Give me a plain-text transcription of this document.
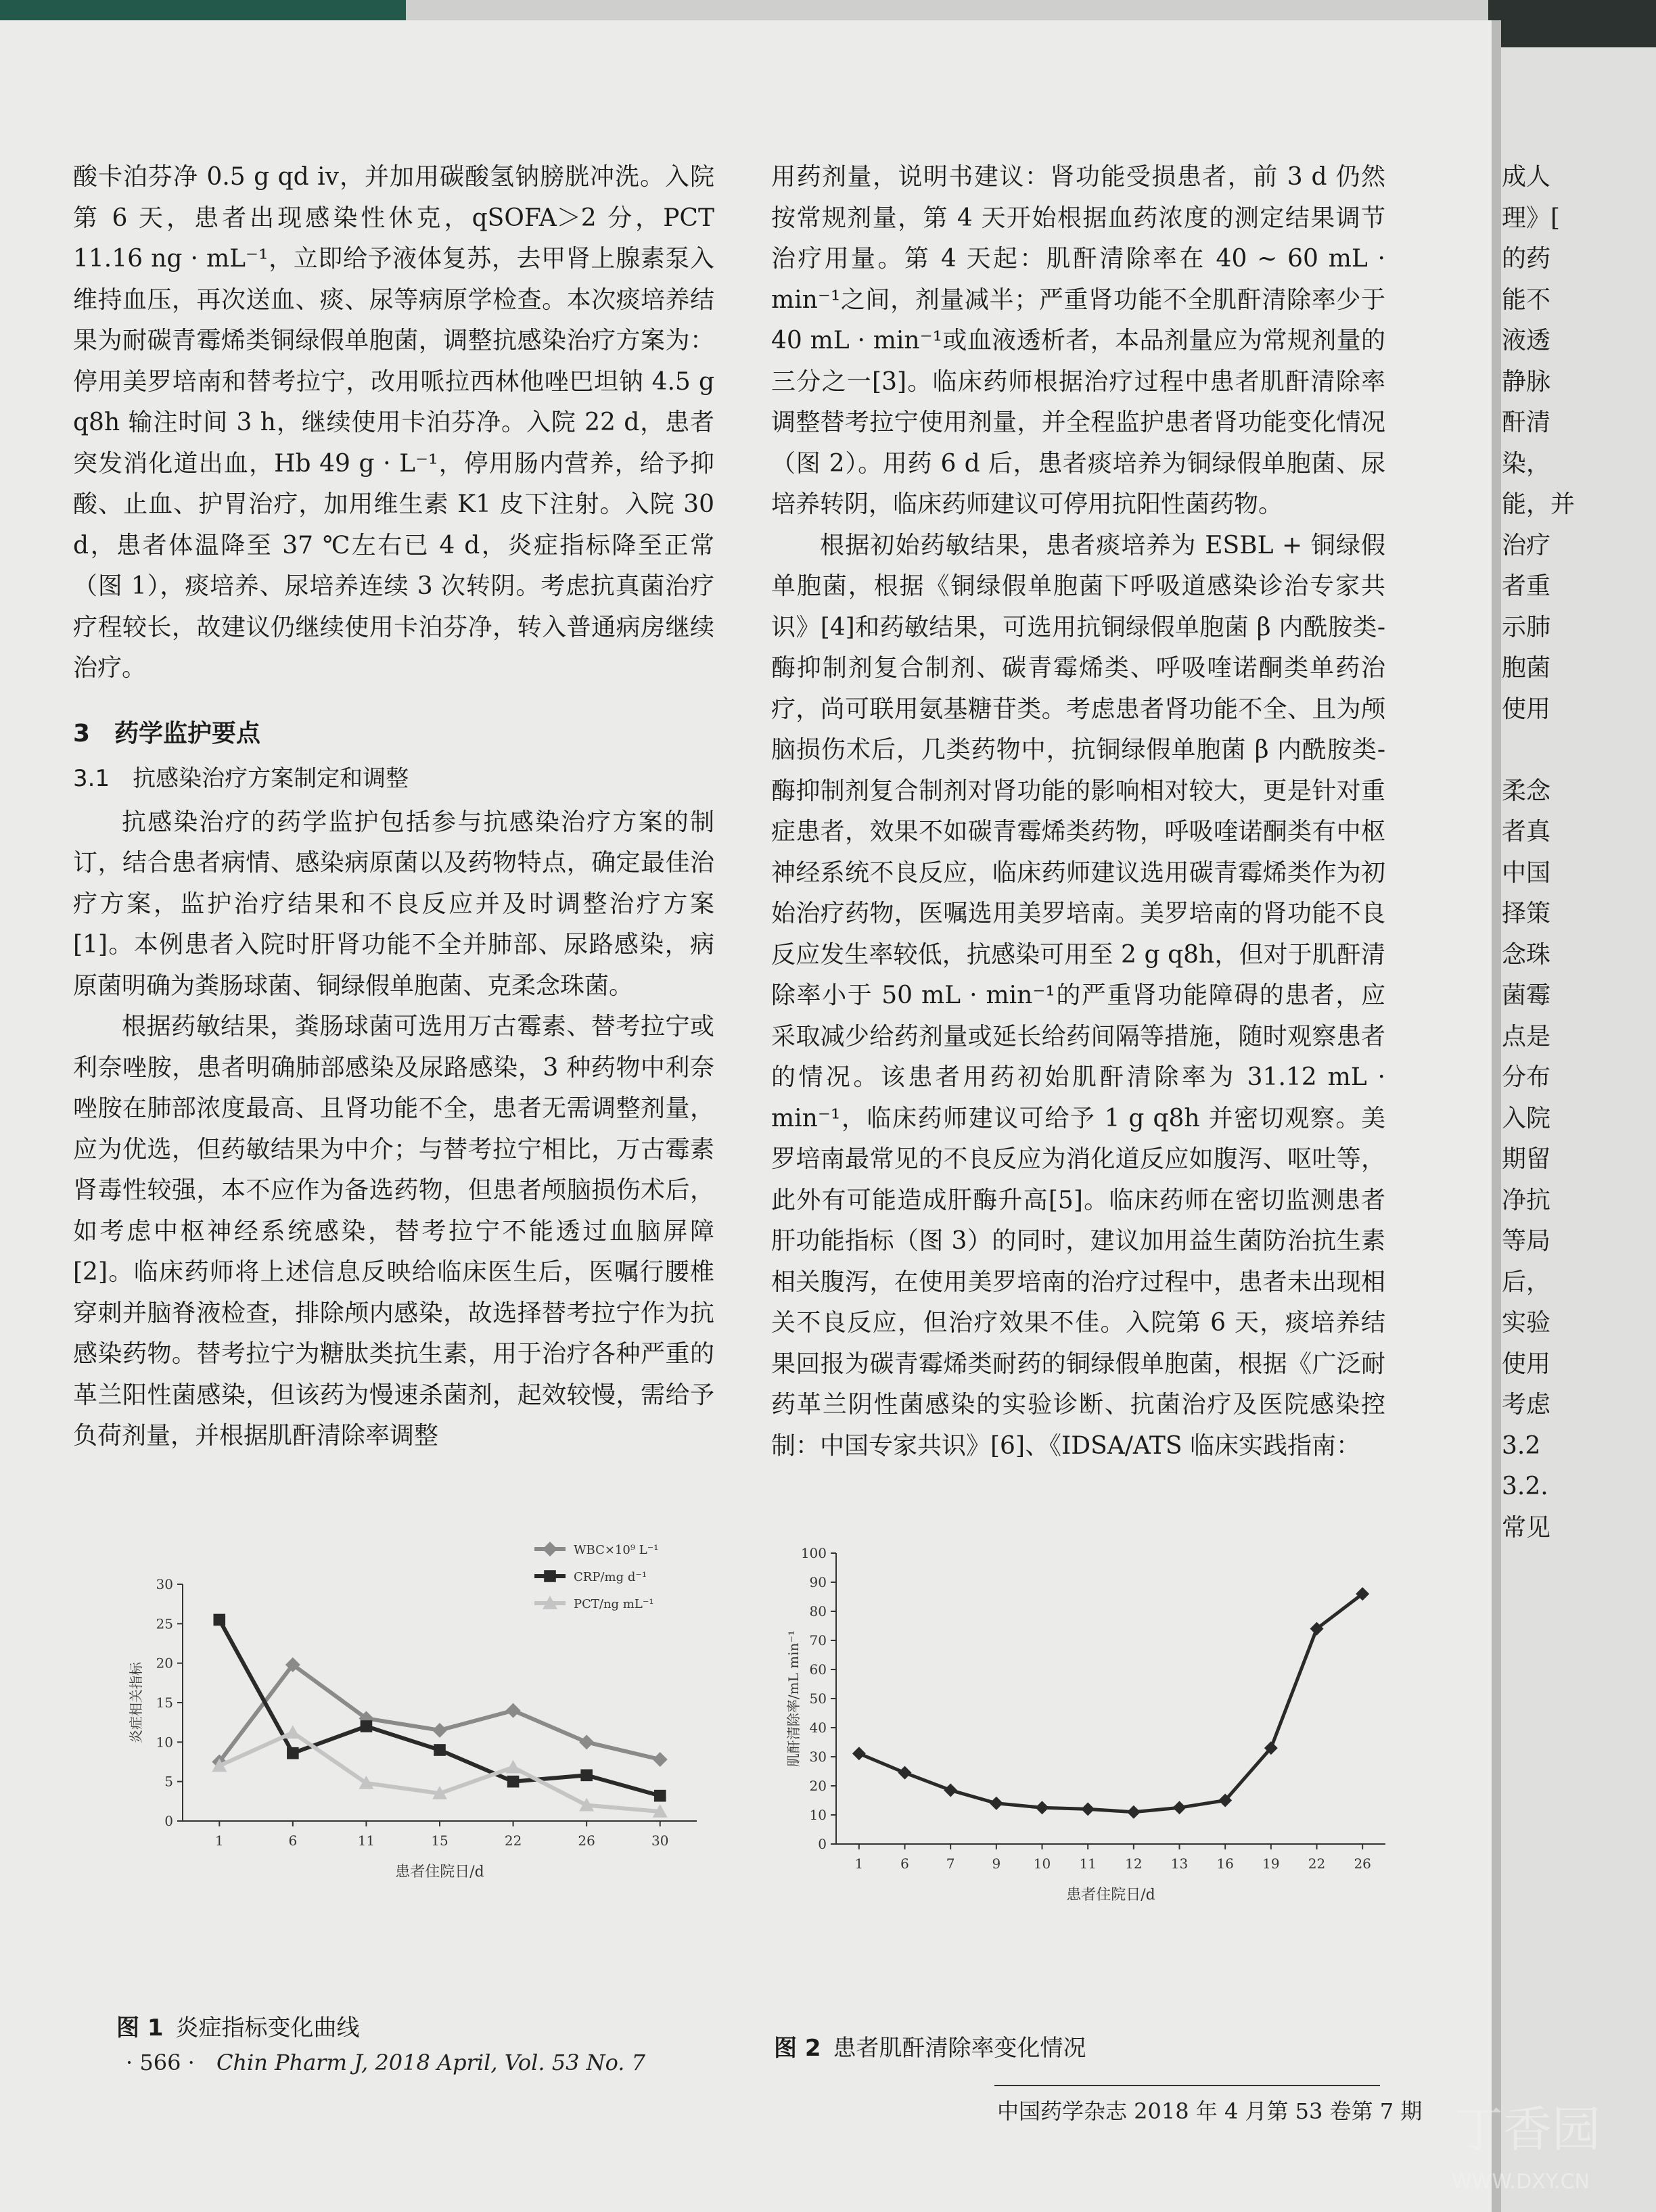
酸卡泊芬净 0.5 g qd iv，并加用碳酸氢钠膀胱冲洗。入院第 6 天，患者出现感染性休克，qSOFA＞2 分，PCT 11.16 ng · mL⁻¹，立即给予液体复苏，去甲肾上腺素泵入维持血压，再次送血、痰、尿等病原学检查。本次痰培养结果为耐碳青霉烯类铜绿假单胞菌，调整抗感染治疗方案为：停用美罗培南和替考拉宁，改用哌拉西林他唑巴坦钠 4.5 g q8h 输注时间 3 h，继续使用卡泊芬净。入院 22 d，患者突发消化道出血，Hb 49 g · L⁻¹，停用肠内营养，给予抑酸、止血、护胃治疗，加用维生素 K1 皮下注射。入院 30 d，患者体温降至 37 ℃左右已 4 d，炎症指标降至正常（图 1），痰培养、尿培养连续 3 次转阴。考虑抗真菌治疗疗程较长，故建议仍继续使用卡泊芬净，转入普通病房继续治疗。

3　药学监护要点

3.1　抗感染治疗方案制定和调整

抗感染治疗的药学监护包括参与抗感染治疗方案的制订，结合患者病情、感染病原菌以及药物特点，确定最佳治疗方案，监护治疗结果和不良反应并及时调整治疗方案[1]。本例患者入院时肝肾功能不全并肺部、尿路感染，病原菌明确为粪肠球菌、铜绿假单胞菌、克柔念珠菌。

根据药敏结果，粪肠球菌可选用万古霉素、替考拉宁或利奈唑胺，患者明确肺部感染及尿路感染，3 种药物中利奈唑胺在肺部浓度最高、且肾功能不全，患者无需调整剂量，应为优选，但药敏结果为中介；与替考拉宁相比，万古霉素肾毒性较强，本不应作为备选药物，但患者颅脑损伤术后，如考虑中枢神经系统感染，替考拉宁不能透过血脑屏障[2]。临床药师将上述信息反映给临床医生后，医嘱行腰椎穿刺并脑脊液检查，排除颅内感染，故选择替考拉宁作为抗感染药物。替考拉宁为糖肽类抗生素，用于治疗各种严重的革兰阳性菌感染，但该药为慢速杀菌剂，起效较慢，需给予负荷剂量，并根据肌酐清除率调整

用药剂量，说明书建议：肾功能受损患者，前 3 d 仍然按常规剂量，第 4 天开始根据血药浓度的测定结果调节治疗用量。第 4 天起：肌酐清除率在 40 ~ 60 mL · min⁻¹之间，剂量减半；严重肾功能不全肌酐清除率少于 40 mL · min⁻¹或血液透析者，本品剂量应为常规剂量的三分之一[3]。临床药师根据治疗过程中患者肌酐清除率调整替考拉宁使用剂量，并全程监护患者肾功能变化情况（图 2）。用药 6 d 后，患者痰培养为铜绿假单胞菌、尿培养转阴，临床药师建议可停用抗阳性菌药物。

根据初始药敏结果，患者痰培养为 ESBL + 铜绿假单胞菌，根据《铜绿假单胞菌下呼吸道感染诊治专家共识》[4]和药敏结果，可选用抗铜绿假单胞菌 β 内酰胺类-酶抑制剂复合制剂、碳青霉烯类、呼吸喹诺酮类单药治疗，尚可联用氨基糖苷类。考虑患者肾功能不全、且为颅脑损伤术后，几类药物中，抗铜绿假单胞菌 β 内酰胺类-酶抑制剂复合制剂对肾功能的影响相对较大，更是针对重症患者，效果不如碳青霉烯类药物，呼吸喹诺酮类有中枢神经系统不良反应，临床药师建议选用碳青霉烯类作为初始治疗药物，医嘱选用美罗培南。美罗培南的肾功能不良反应发生率较低，抗感染可用至 2 g q8h，但对于肌酐清除率小于 50 mL · min⁻¹的严重肾功能障碍的患者，应采取减少给药剂量或延长给药间隔等措施，随时观察患者的情况。该患者用药初始肌酐清除率为 31.12 mL · min⁻¹，临床药师建议可给予 1 g q8h 并密切观察。美罗培南最常见的不良反应为消化道反应如腹泻、呕吐等，此外有可能造成肝酶升高[5]。临床药师在密切监测患者肝功能指标（图 3）的同时，建议加用益生菌防治抗生素相关腹泻，在使用美罗培南的治疗过程中，患者未出现相关不良反应，但治疗效果不佳。入院第 6 天，痰培养结果回报为碳青霉烯类耐药的铜绿假单胞菌，根据《广泛耐药革兰阴性菌感染的实验诊断、抗菌治疗及医院感染控制：中国专家共识》[6]、《IDSA/ATS 临床实践指南：

成人
理》[
的药
能不
液透
静脉
酐清
染，
能，并
治疗
者重
示肺
胞菌
使用
柔念
者真
中国
择策
念珠
菌霉
点是
分布
入院
期留
净抗
等局
后，
实验
使用
考虑
3.2
3.2.
常见
0
5
10
15
20
25
30
1	6	11	15	22	26	30
患者住院日/d
炎症相关指标
WBC×10⁹ L⁻¹
CRP/mg d⁻¹
PCT/ng mL⁻¹
0
10
20
30
40
50
60
70
80
90
100
1	6	7	9 10 11 12 13 16 19 22 26
患者住院日/d
肌酐清除率/mL min⁻¹
图 1 炎症指标变化曲线
图 2 患者肌酐清除率变化情况
· 566 · Chin Pharm J, 2018 April, Vol. 53 No. 7
中国药学杂志 2018 年 4 月第 53 卷第 7 期 丁香园
WWW.DXY.CN
